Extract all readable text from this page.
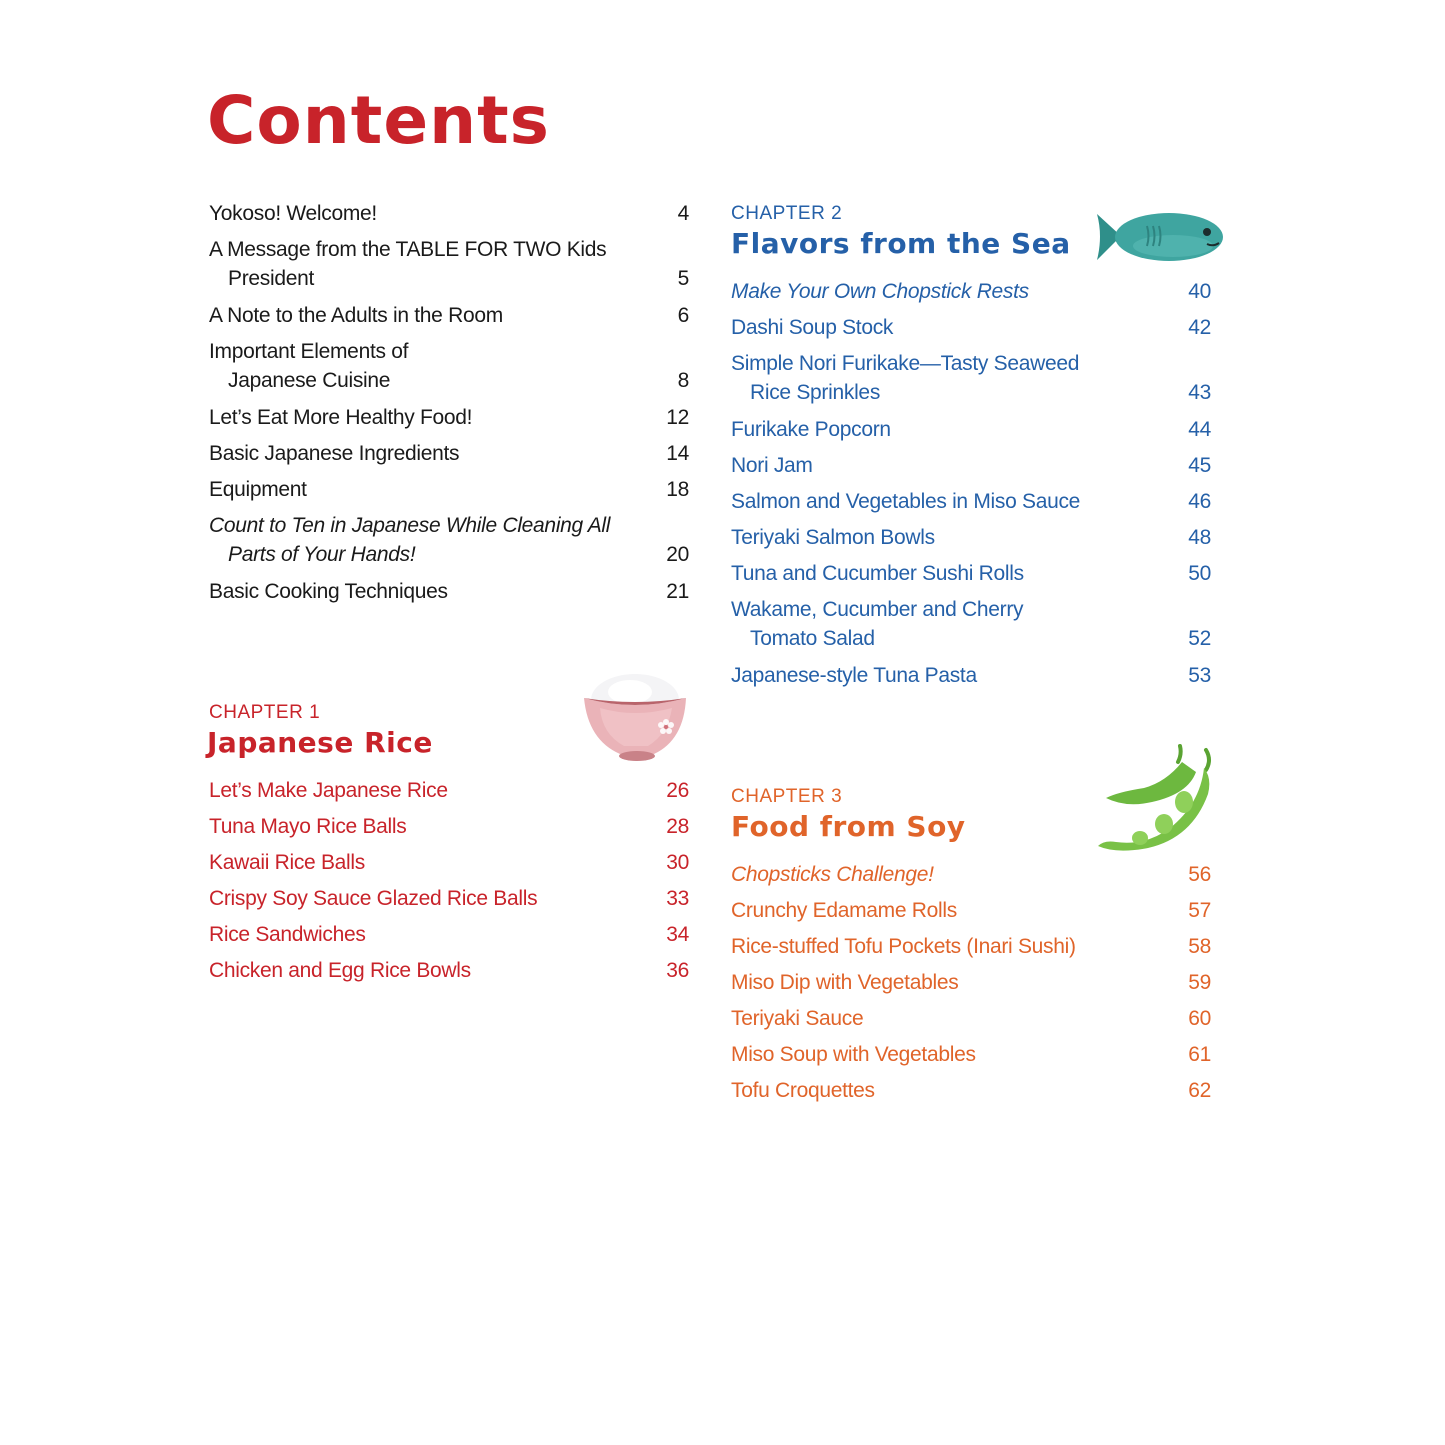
Contents
Yokoso! Welcome!	4
A Message from the TABLE FOR TWO Kids
President	5
A Note to the Adults in the Room	6
Important Elements of
Japanese Cuisine	8
Let’s Eat More Healthy Food!	12
Basic Japanese Ingredients	14
Equipment	18
Count to Ten in Japanese While Cleaning All
Parts of Your Hands!	20
Basic Cooking Techniques	21
CHAPTER 1
Japanese Rice
Let’s Make Japanese Rice	26
Tuna Mayo Rice Balls	28
Kawaii Rice Balls	30
Crispy Soy Sauce Glazed Rice Balls	33
Rice Sandwiches	34
Chicken and Egg Rice Bowls	36
CHAPTER 2
Flavors from the Sea
Make Your Own Chopstick Rests	40
Dashi Soup Stock	42
Simple Nori Furikake—Tasty Seaweed
Rice Sprinkles	43
Furikake Popcorn	44
Nori Jam	45
Salmon and Vegetables in Miso Sauce	46
Teriyaki Salmon Bowls	48
Tuna and Cucumber Sushi Rolls	50
Wakame, Cucumber and Cherry
Tomato Salad	52
Japanese-style Tuna Pasta	53
CHAPTER 3
Food from Soy
Chopsticks Challenge!	56
Crunchy Edamame Rolls	57
Rice-stuffed Tofu Pockets (Inari Sushi)	58
Miso Dip with Vegetables	59
Teriyaki Sauce	60
Miso Soup with Vegetables	61
Tofu Croquettes	62
